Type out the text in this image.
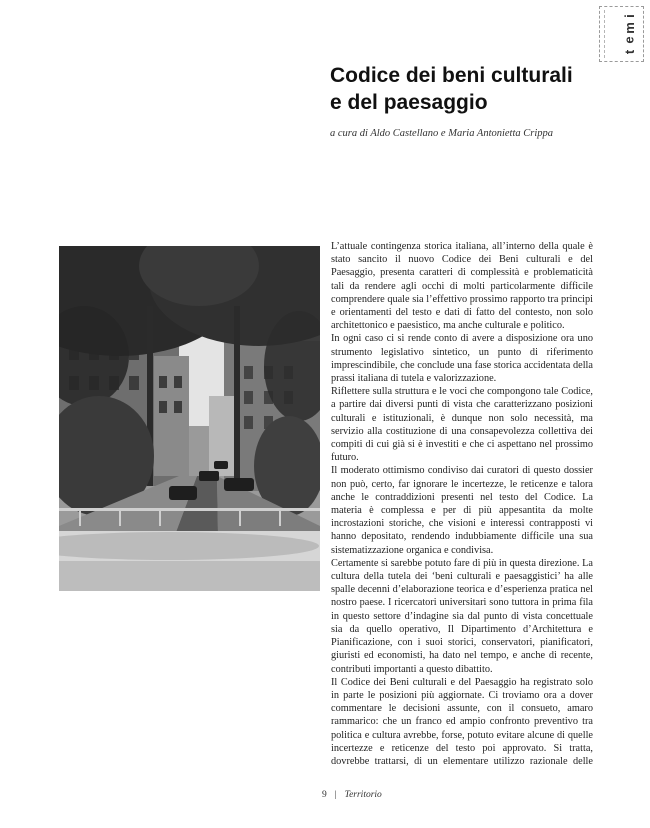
i
m
e
t
Codice dei beni culturali
e del paesaggio
a cura di Aldo Castellano e Maria Antonietta Crippa

L’attuale contingenza storica italiana, all’interno della quale è stato sancito il nuovo Codice dei Beni culturali e del Paesaggio, presenta caratteri di complessità e problematicità tali da rendere agli occhi di molti particolarmente difficile comprendere quale sia l’effettivo prossimo rapporto tra principi e orientamenti del testo e dati di fatto del contesto, non solo architettonico e paesistico, ma anche culturale e politico.

In ogni caso ci si rende conto di avere a disposizione ora uno strumento legislativo sintetico, un punto di riferimento imprescindibile, che conclude una fase storica accidentata della prassi italiana di tutela e valorizzazione.

Riflettere sulla struttura e le voci che compongono tale Codice, a partire dai diversi punti di vista che caratterizzano posizioni culturali e istituzionali, è dunque non solo necessità, ma servizio alla costituzione di una consapevolezza collettiva dei compiti di cui già si è investiti e che ci aspettano nel prossimo futuro.

Il moderato ottimismo condiviso dai curatori di questo dossier non può, certo, far ignorare le incertezze, le reticenze e talora anche le contraddizioni presenti nel testo del Codice. La materia è complessa e per di più appesantita da molte incrostazioni storiche, che visioni e interessi contrapposti vi hanno depositato, rendendo indubbiamente difficile una sua sistematizzazione organica e condivisa.

Certamente si sarebbe potuto fare di più in questa direzione. La cultura della tutela dei ‘beni culturali e paesaggistici’ ha alle spalle decenni d’elaborazione teorica e d’esperienza pratica nel nostro paese. I ricercatori universitari sono tuttora in prima fila in questo settore d’indagine sia dal punto di vista concettuale sia da quello operativo, Il Dipartimento d’Architettura e Pianificazione, con i suoi storici, conservatori, pianificatori, giuristi ed economisti, ha dato nel tempo, e anche di recente, contributi importanti a questo dibattito.

Il Codice dei Beni culturali e del Paesaggio ha registrato solo in parte le posizioni più aggiornate. Ci troviamo ora a dover commentare le decisioni assunte, con il consueto, amaro rammarico: che un franco ed ampio confronto preventivo tra politica e cultura avrebbe, forse, potuto evitare alcune di quelle incertezze e reticenze del testo poi approvato. Si tratta, dovrebbe trattarsi, di un elementare utilizzo razionale delle

9 | Territorio
